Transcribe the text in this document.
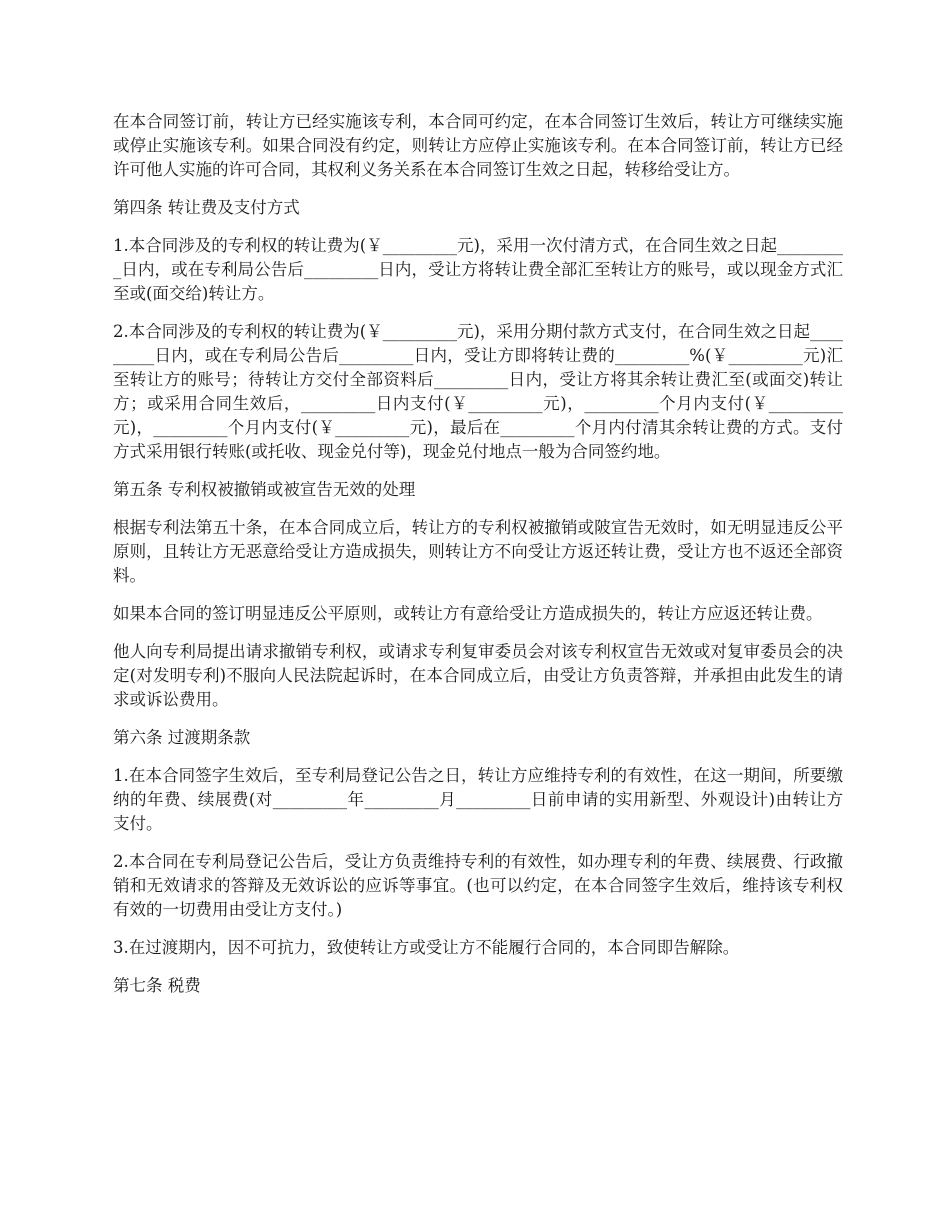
在本合同签订前，转让方已经实施该专利，本合同可约定，在本合同签订生效后，转让方可继续实施或停止实施该专利。如果合同没有约定，则转让方应停止实施该专利。在本合同签订前，转让方已经许可他人实施的许可合同，其权利义务关系在本合同签订生效之日起，转移给受让方。

第四条 转让费及支付方式

1.本合同涉及的专利权的转让费为(￥_________元)，采用一次付清方式，在合同生效之日起_________日内，或在专利局公告后_________日内，受让方将转让费全部汇至转让方的账号，或以现金方式汇至或(面交给)转让方。

2.本合同涉及的专利权的转让费为(￥_________元)，采用分期付款方式支付，在合同生效之日起_________日内，或在专利局公告后_________日内，受让方即将转让费的_________%(￥_________元)汇至转让方的账号；待转让方交付全部资料后_________日内，受让方将其余转让费汇至(或面交)转让方；或采用合同生效后，_________日内支付(￥_________元)，_________个月内支付(￥_________元)，_________个月内支付(￥_________元)，最后在_________个月内付清其余转让费的方式。支付方式采用银行转账(或托收、现金兑付等)，现金兑付地点一般为合同签约地。

第五条 专利权被撤销或被宣告无效的处理

根据专利法第五十条，在本合同成立后，转让方的专利权被撤销或陂宣告无效时，如无明显违反公平原则，且转让方无恶意给受让方造成损失，则转让方不向受让方返还转让费，受让方也不返还全部资料。

如果本合同的签订明显违反公平原则，或转让方有意给受让方造成损失的，转让方应返还转让费。

他人向专利局提出请求撤销专利权，或请求专利复审委员会对该专利权宣告无效或对复审委员会的决定(对发明专利)不服向人民法院起诉时，在本合同成立后，由受让方负责答辩，并承担由此发生的请求或诉讼费用。

第六条 过渡期条款

1.在本合同签字生效后，至专利局登记公告之日，转让方应维持专利的有效性，在这一期间，所要缴纳的年费、续展费(对_________年_________月_________日前申请的实用新型、外观设计)由转让方支付。

2.本合同在专利局登记公告后，受让方负责维持专利的有效性，如办理专利的年费、续展费、行政撤销和无效请求的答辩及无效诉讼的应诉等事宜。(也可以约定，在本合同签字生效后，维持该专利权有效的一切费用由受让方支付。)

3.在过渡期内，因不可抗力，致使转让方或受让方不能履行合同的，本合同即告解除。

第七条 税费
